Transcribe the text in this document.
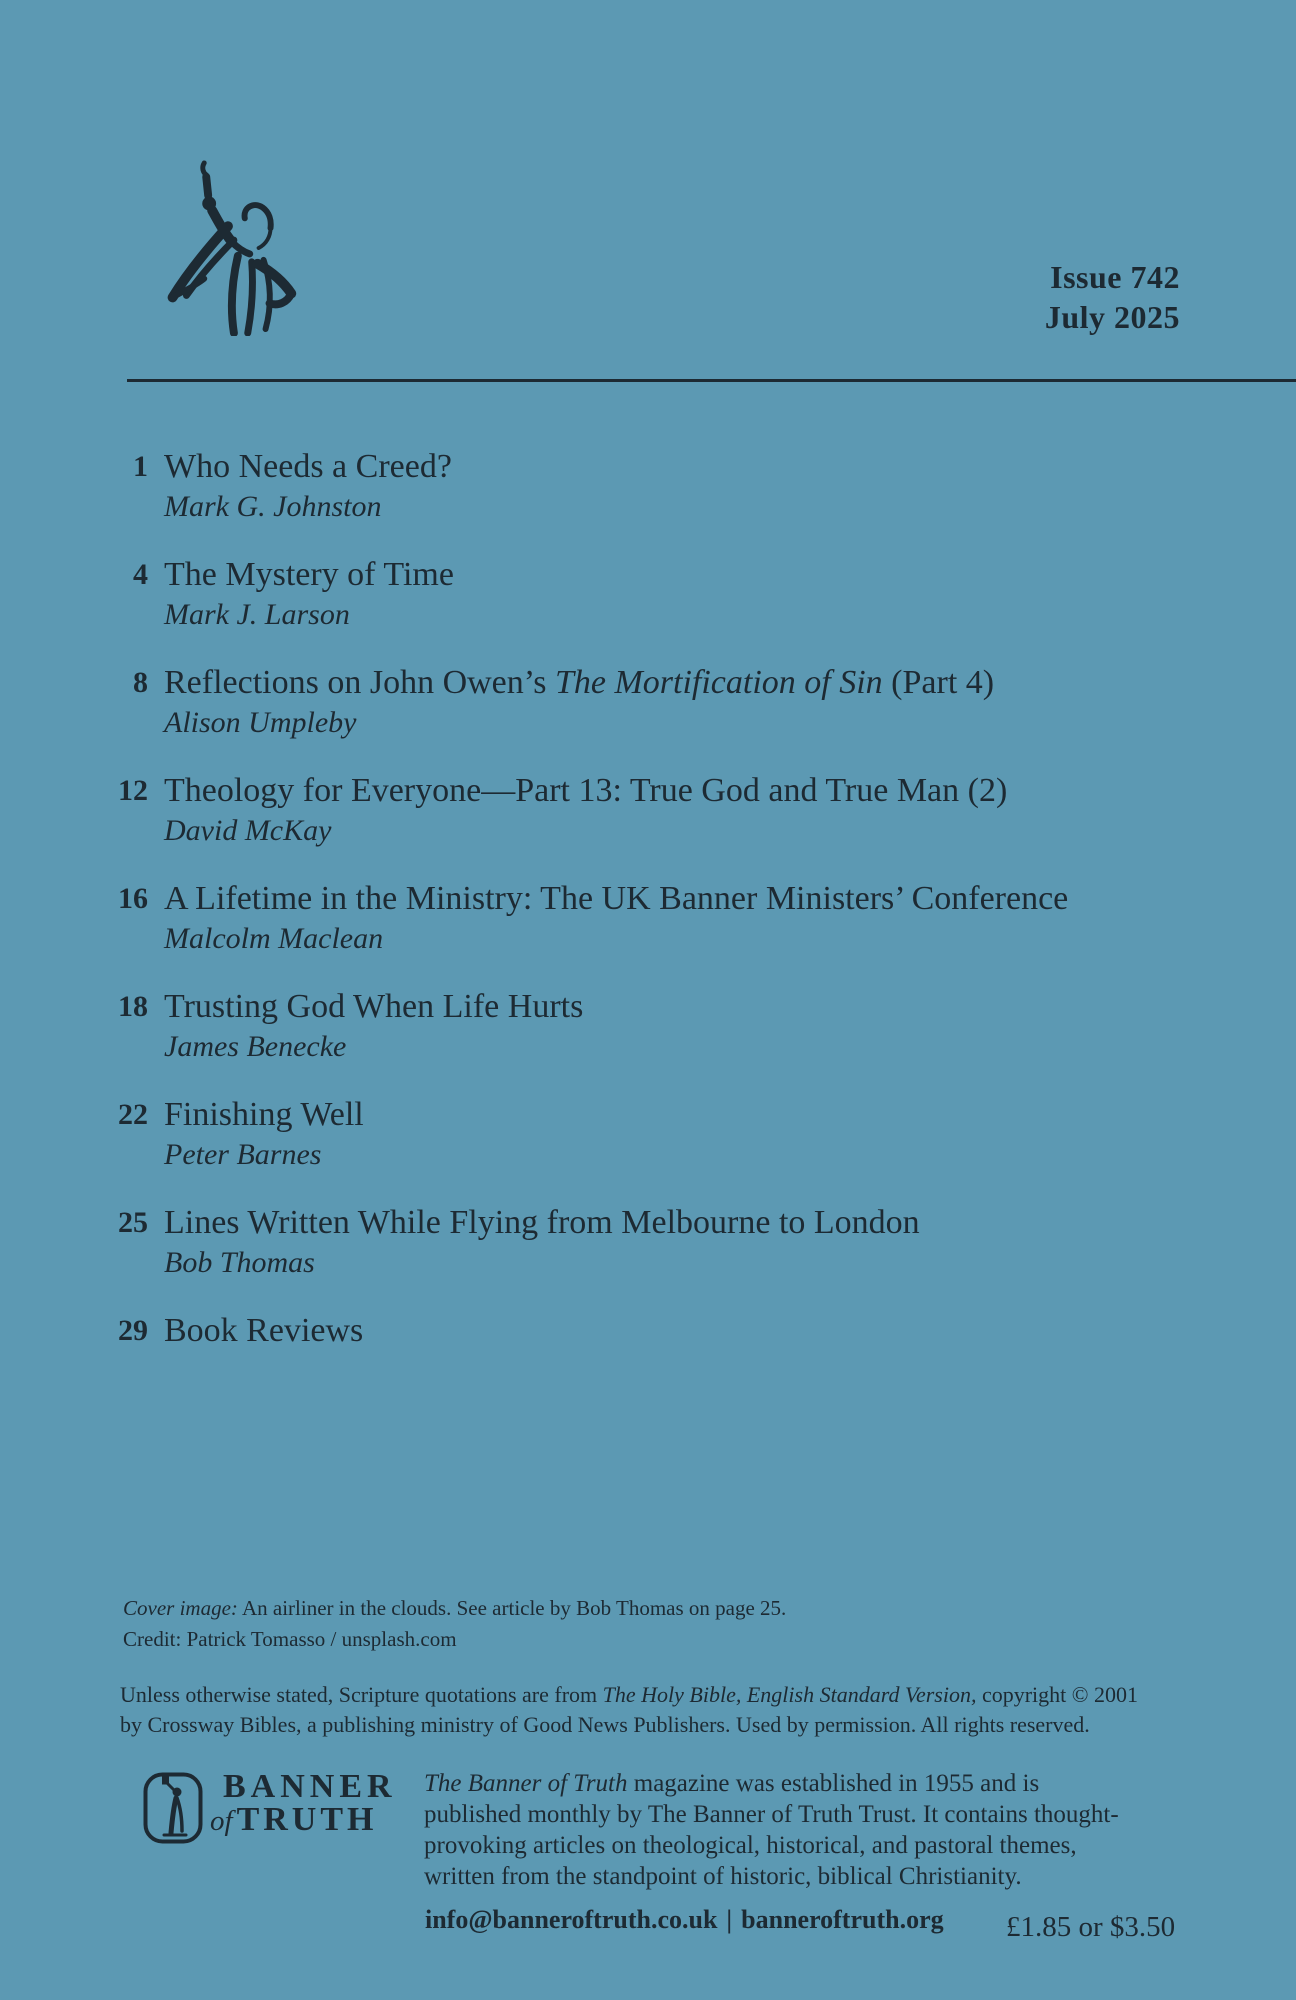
Issue 742
July 2025
1 Who Needs a Creed?
Mark G. Johnston
4 The Mystery of Time
Mark J. Larson
8 Reflections on John Owen’s The Mortification of Sin (Part 4)
Alison Umpleby
12 Theology for Everyone—Part 13: True God and True Man (2)
David McKay
16 A Lifetime in the Ministry: The UK Banner Ministers’ Conference
Malcolm Maclean
18 Trusting God When Life Hurts
James Benecke
22 Finishing Well
Peter Barnes
25 Lines Written While Flying from Melbourne to London
Bob Thomas
29 Book Reviews
Cover image: An airliner in the clouds. See article by Bob Thomas on page 25.
Credit: Patrick Tomasso / unsplash.com
Unless otherwise stated, Scripture quotations are from The Holy Bible, English Standard Version, copyright © 2001
by Crossway Bibles, a publishing ministry of Good News Publishers. Used by permission. All rights reserved.
BANNER
of TRUTH
The Banner of Truth magazine was established in 1955 and is
published monthly by The Banner of Truth Trust. It contains thought-
provoking articles on theological, historical, and pastoral themes,
written from the standpoint of historic, biblical Christianity.
info@banneroftruth.co.uk | banneroftruth.org £1.85 or $3.50
